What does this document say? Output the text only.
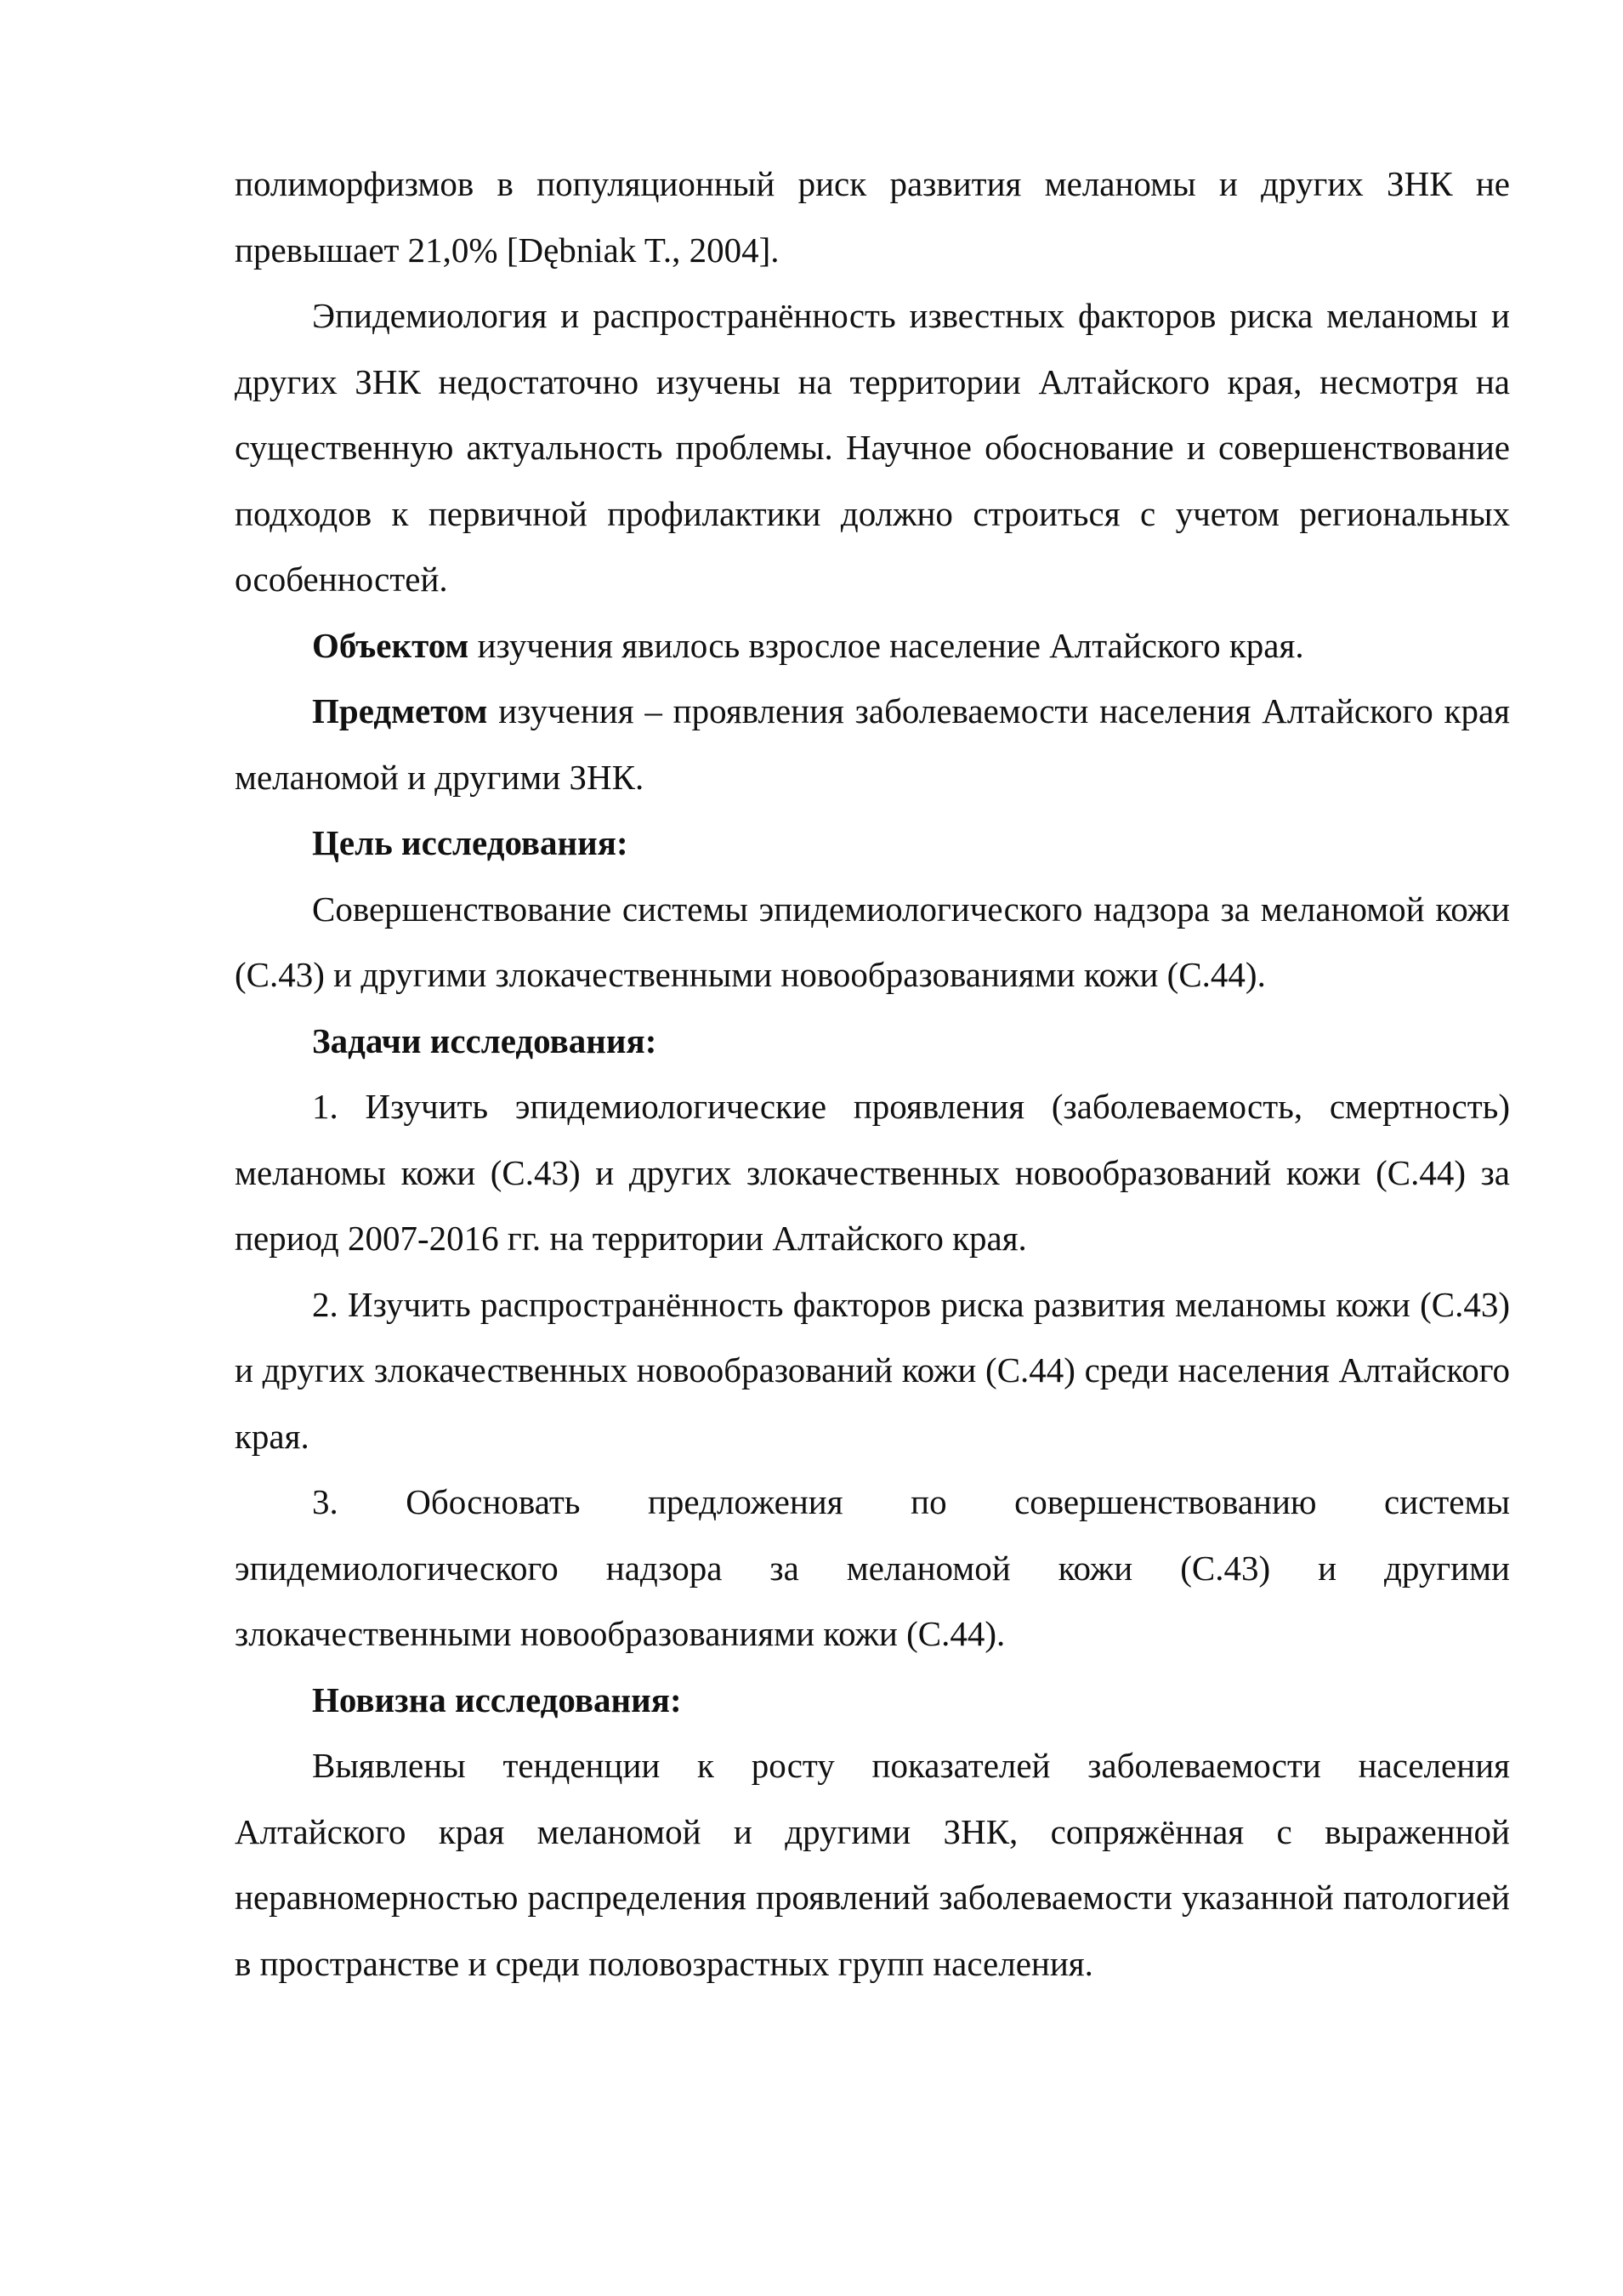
полиморфизмов в популяционный риск развития меланомы и других ЗНК не превышает 21,0% [Dębniak T., 2004].

Эпидемиология и распространённость известных факторов риска меланомы и других ЗНК недостаточно изучены на территории Алтайского края, несмотря на существенную актуальность проблемы. Научное обоснование и совершенствование подходов к первичной профилактики должно строиться с учетом региональных особенностей.

Объектом изучения явилось взрослое население Алтайского края.

Предметом изучения – проявления заболеваемости населения Алтайского края меланомой и другими ЗНК.

Цель исследования:

Совершенствование системы эпидемиологического надзора за меланомой кожи (С.43) и другими злокачественными новообразованиями кожи (С.44).

Задачи исследования:

1. Изучить эпидемиологические проявления (заболеваемость, смертность) меланомы кожи (С.43) и других злокачественных новообразований кожи (С.44) за период 2007-2016 гг. на территории Алтайского края.

2. Изучить распространённость факторов риска развития меланомы кожи (С.43) и других злокачественных новообразований кожи (С.44) среди населения Алтайского края.

3. Обосновать предложения по совершенствованию системы эпидемиологического надзора за меланомой кожи (С.43) и другими злокачественными новообразованиями кожи (С.44).

Новизна исследования:

Выявлены тенденции к росту показателей заболеваемости населения Алтайского края меланомой и другими ЗНК, сопряжённая с выраженной неравномерностью распределения проявлений заболеваемости указанной патологией в пространстве и среди половозрастных групп населения.
